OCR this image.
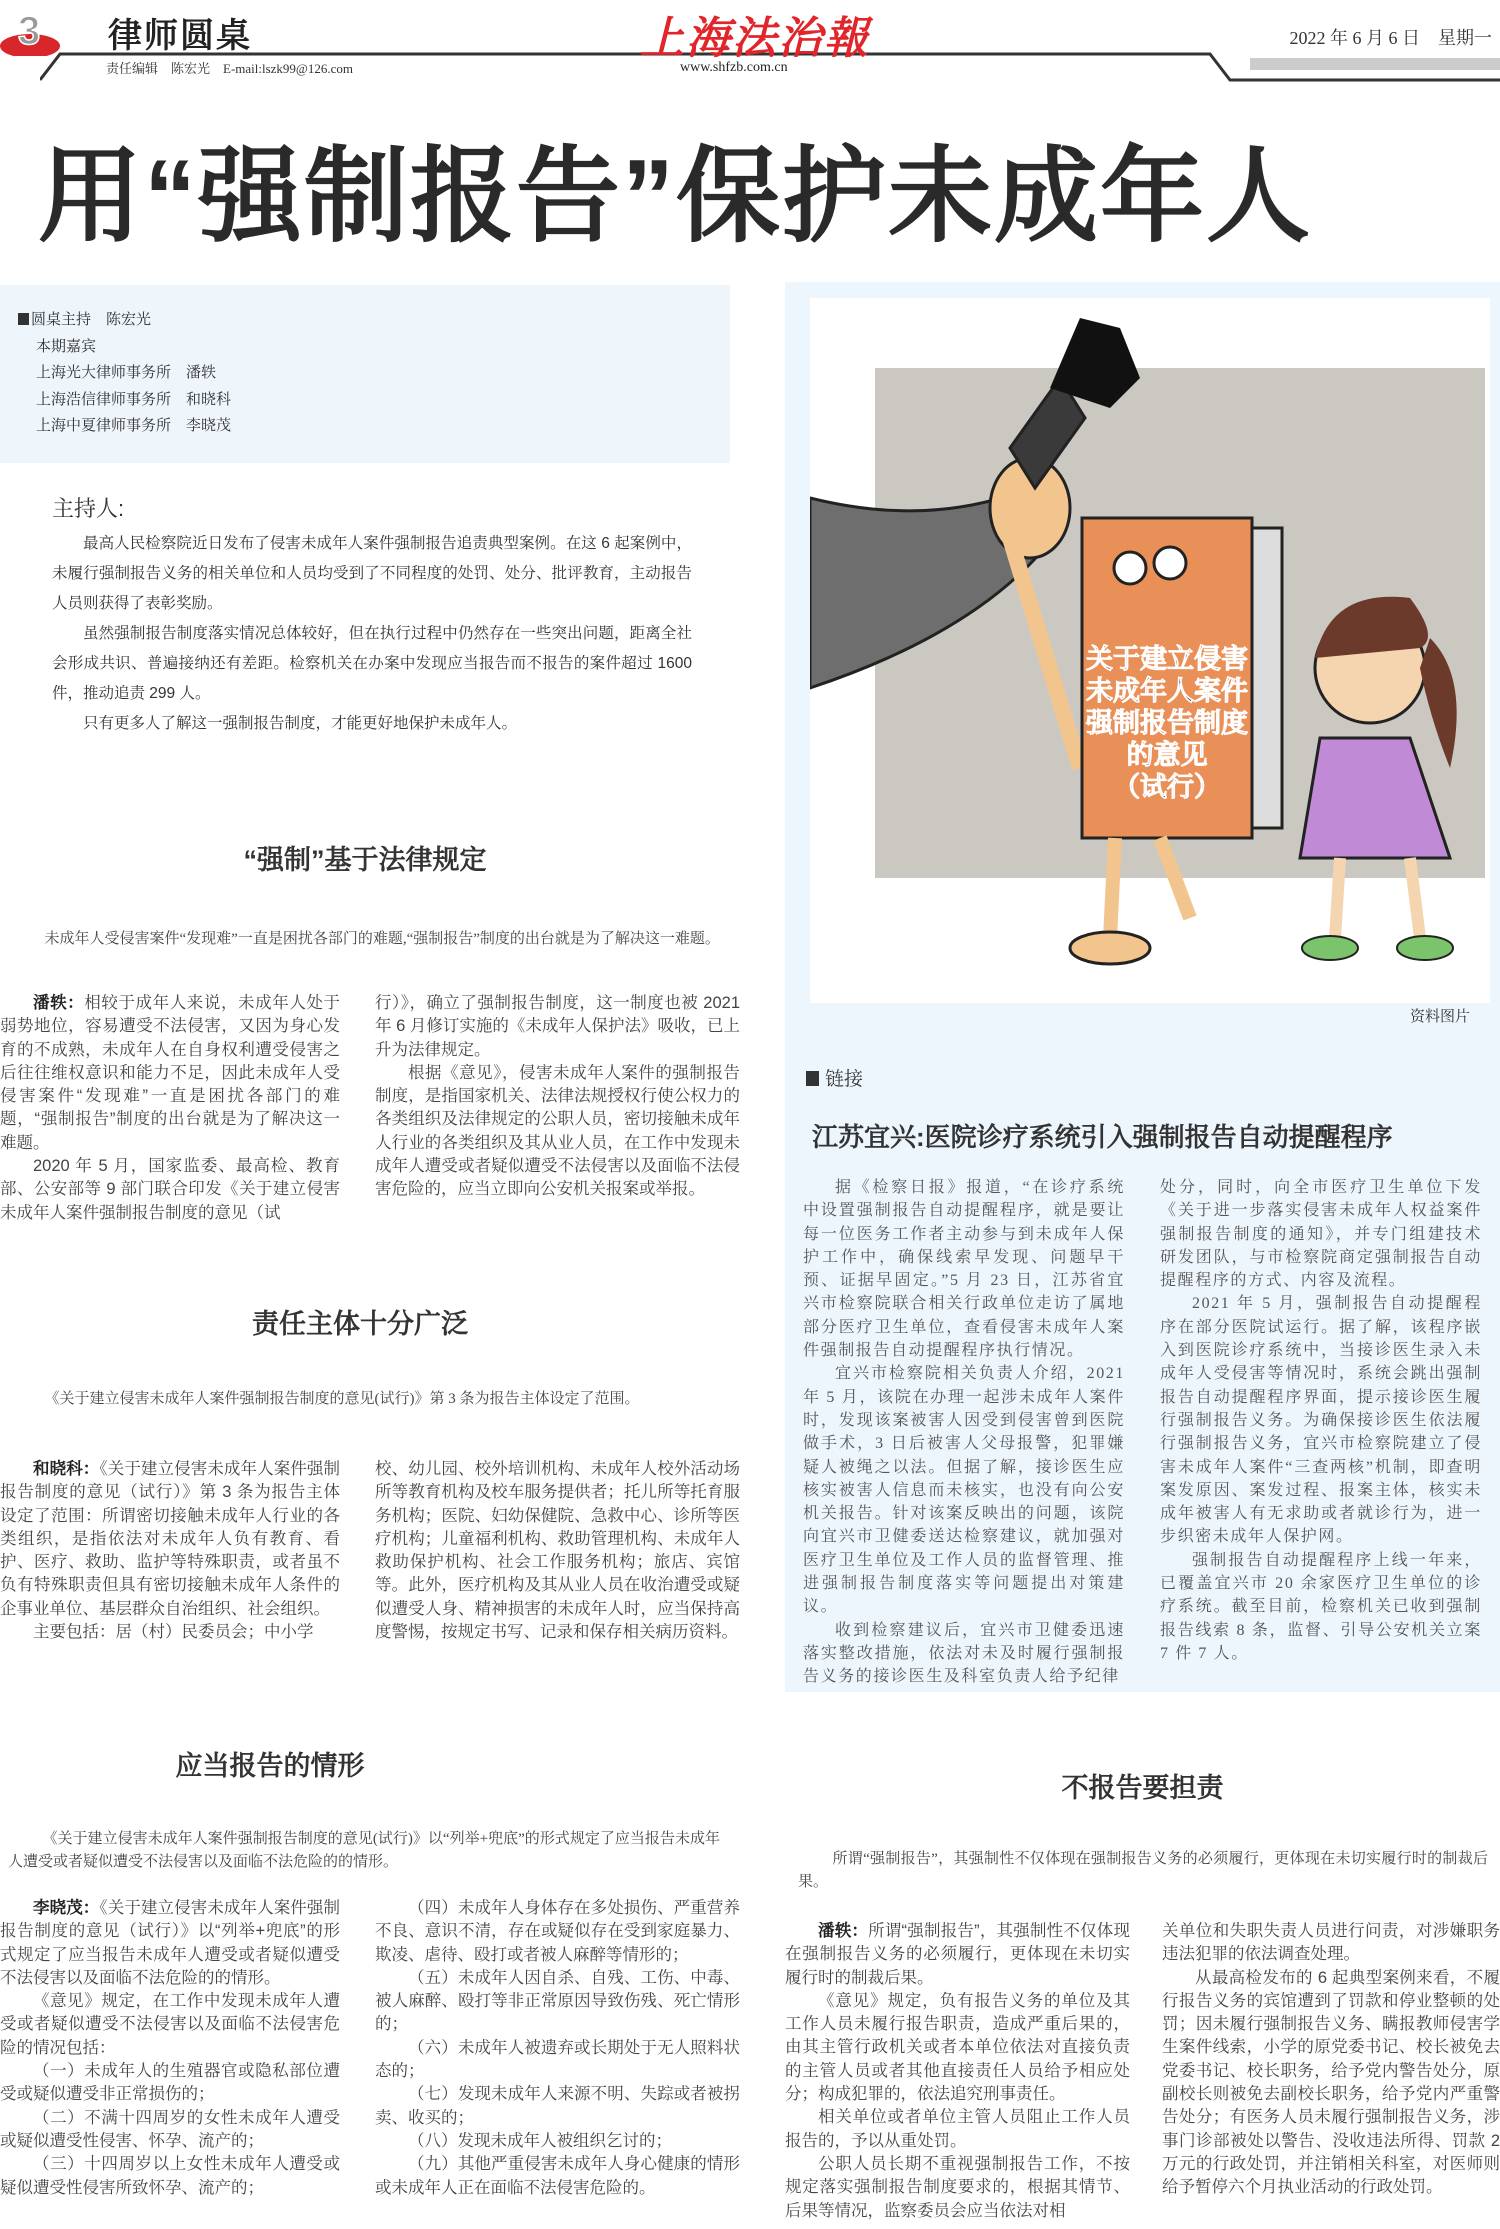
3 律师圆桌
责任编辑　陈宏光　E-mail:lszk99@126.com
上海法治報
www.shfzb.com.cn
2022 年 6 月 6 日　星期一
用“强制报告”保护未成年人
圆桌主持　陈宏光
本期嘉宾
上海光大律师事务所　潘轶
上海浩信律师事务所　和晓科
上海中夏律师事务所　李晓茂
主持人:

最高人民检察院近日发布了侵害未成年人案件强制报告追责典型案例。在这 6 起案例中，未履行强制报告义务的相关单位和人员均受到了不同程度的处罚、处分、批评教育，主动报告人员则获得了表彰奖励。

虽然强制报告制度落实情况总体较好，但在执行过程中仍然存在一些突出问题，距离全社会形成共识、普遍接纳还有差距。检察机关在办案中发现应当报告而不报告的案件超过 1600 件，推动追责 299 人。

只有更多人了解这一强制报告制度，才能更好地保护未成年人。

“强制”基于法律规定
未成年人受侵害案件“发现难”一直是困扰各部门的难题,“强制报告”制度的出台就是为了解决这一难题。

潘轶：相较于成年人来说，未成年人处于弱势地位，容易遭受不法侵害，又因为身心发育的不成熟，未成年人在自身权利遭受侵害之后往往维权意识和能力不足，因此未成年人受侵害案件“发现难”一直是困扰各部门的难题，“强制报告”制度的出台就是为了解决这一难题。

2020 年 5 月，国家监委、最高检、教育部、公安部等 9 部门联合印发《关于建立侵害未成年人案件强制报告制度的意见（试

行）》，确立了强制报告制度，这一制度也被 2021 年 6 月修订实施的《未成年人保护法》吸收，已上升为法律规定。

根据《意见》，侵害未成年人案件的强制报告制度，是指国家机关、法律法规授权行使公权力的各类组织及法律规定的公职人员，密切接触未成年人行业的各类组织及其从业人员，在工作中发现未成年人遭受或者疑似遭受不法侵害以及面临不法侵害危险的，应当立即向公安机关报案或举报。

责任主体十分广泛
《关于建立侵害未成年人案件强制报告制度的意见(试行)》第 3 条为报告主体设定了范围。

和晓科：《关于建立侵害未成年人案件强制报告制度的意见（试行）》第 3 条为报告主体设定了范围：所谓密切接触未成年人行业的各类组织，是指依法对未成年人负有教育、看护、医疗、救助、监护等特殊职责，或者虽不负有特殊职责但具有密切接触未成年人条件的企事业单位、基层群众自治组织、社会组织。

主要包括：居（村）民委员会；中小学

校、幼儿园、校外培训机构、未成年人校外活动场所等教育机构及校车服务提供者；托儿所等托育服务机构；医院、妇幼保健院、急救中心、诊所等医疗机构；儿童福利机构、救助管理机构、未成年人救助保护机构、社会工作服务机构；旅店、宾馆等。此外，医疗机构及其从业人员在收治遭受或疑似遭受人身、精神损害的未成年人时，应当保持高度警惕，按规定书写、记录和保存相关病历资料。

应当报告的情形
《关于建立侵害未成年人案件强制报告制度的意见(试行)》以“列举+兜底”的形式规定了应当报告未成年人遭受或者疑似遭受不法侵害以及面临不法危险的的情形。

李晓茂：《关于建立侵害未成年人案件强制报告制度的意见（试行）》以“列举+兜底”的形式规定了应当报告未成年人遭受或者疑似遭受不法侵害以及面临不法危险的的情形。

《意见》规定，在工作中发现未成年人遭受或者疑似遭受不法侵害以及面临不法侵害危险的情况包括：

（一）未成年人的生殖器官或隐私部位遭受或疑似遭受非正常损伤的；

（二）不满十四周岁的女性未成年人遭受或疑似遭受性侵害、怀孕、流产的；

（三）十四周岁以上女性未成年人遭受或疑似遭受性侵害所致怀孕、流产的；

（四）未成年人身体存在多处损伤、严重营养不良、意识不清，存在或疑似存在受到家庭暴力、欺凌、虐待、殴打或者被人麻醉等情形的；

（五）未成年人因自杀、自残、工伤、中毒、被人麻醉、殴打等非正常原因导致伤残、死亡情形的；

（六）未成年人被遗弃或长期处于无人照料状态的；

（七）发现未成年人来源不明、失踪或者被拐卖、收买的；

（八）发现未成年人被组织乞讨的；

（九）其他严重侵害未成年人身心健康的情形或未成年人正在面临不法侵害危险的。

关于建立侵害
未成年人案件
强制报告制度
的意见
（试行）
资料图片
链接
江苏宜兴:医院诊疗系统引入强制报告自动提醒程序

据《检察日报》报道，“在诊疗系统中设置强制报告自动提醒程序，就是要让每一位医务工作者主动参与到未成年人保护工作中，确保线索早发现、问题早干预、证据早固定。”5 月 23 日，江苏省宜兴市检察院联合相关行政单位走访了属地部分医疗卫生单位，查看侵害未成年人案件强制报告自动提醒程序执行情况。

宜兴市检察院相关负责人介绍，2021 年 5 月，该院在办理一起涉未成年人案件时，发现该案被害人因受到侵害曾到医院做手术，3 日后被害人父母报警，犯罪嫌疑人被绳之以法。但据了解，接诊医生应核实被害人信息而未核实，也没有向公安机关报告。针对该案反映出的问题，该院向宜兴市卫健委送达检察建议，就加强对医疗卫生单位及工作人员的监督管理、推进强制报告制度落实等问题提出对策建议。

收到检察建议后，宜兴市卫健委迅速落实整改措施，依法对未及时履行强制报告义务的接诊医生及科室负责人给予纪律

处分，同时，向全市医疗卫生单位下发《关于进一步落实侵害未成年人权益案件强制报告制度的通知》，并专门组建技术研发团队，与市检察院商定强制报告自动提醒程序的方式、内容及流程。

2021 年 5 月，强制报告自动提醒程序在部分医院试运行。据了解，该程序嵌入到医院诊疗系统中，当接诊医生录入未成年人受侵害等情况时，系统会跳出强制报告自动提醒程序界面，提示接诊医生履行强制报告义务。为确保接诊医生依法履行强制报告义务，宜兴市检察院建立了侵害未成年人案件“三查两核”机制，即查明案发原因、案发过程、报案主体，核实未成年被害人有无求助或者就诊行为，进一步织密未成年人保护网。

强制报告自动提醒程序上线一年来，已覆盖宜兴市 20 余家医疗卫生单位的诊疗系统。截至目前，检察机关已收到强制报告线索 8 条，监督、引导公安机关立案 7 件 7 人。

不报告要担责
所谓“强制报告”，其强制性不仅体现在强制报告义务的必须履行，更体现在未切实履行时的制裁后果。

潘轶：所谓“强制报告”，其强制性不仅体现在强制报告义务的必须履行，更体现在未切实履行时的制裁后果。

《意见》规定，负有报告义务的单位及其工作人员未履行报告职责，造成严重后果的，由其主管行政机关或者本单位依法对直接负责的主管人员或者其他直接责任人员给予相应处分；构成犯罪的，依法追究刑事责任。

相关单位或者单位主管人员阻止工作人员报告的，予以从重处罚。

公职人员长期不重视强制报告工作，不按规定落实强制报告制度要求的，根据其情节、后果等情况，监察委员会应当依法对相

关单位和失职失责人员进行问责，对涉嫌职务违法犯罪的依法调查处理。

从最高检发布的 6 起典型案例来看，不履行报告义务的宾馆遭到了罚款和停业整顿的处罚；因未履行强制报告义务、瞒报教师侵害学生案件线索，小学的原党委书记、校长被免去党委书记、校长职务，给予党内警告处分，原副校长则被免去副校长职务，给予党内严重警告处分；有医务人员未履行强制报告义务，涉事门诊部被处以警告、没收违法所得、罚款 2 万元的行政处罚，并注销相关科室，对医师则给予暂停六个月执业活动的行政处罚。
